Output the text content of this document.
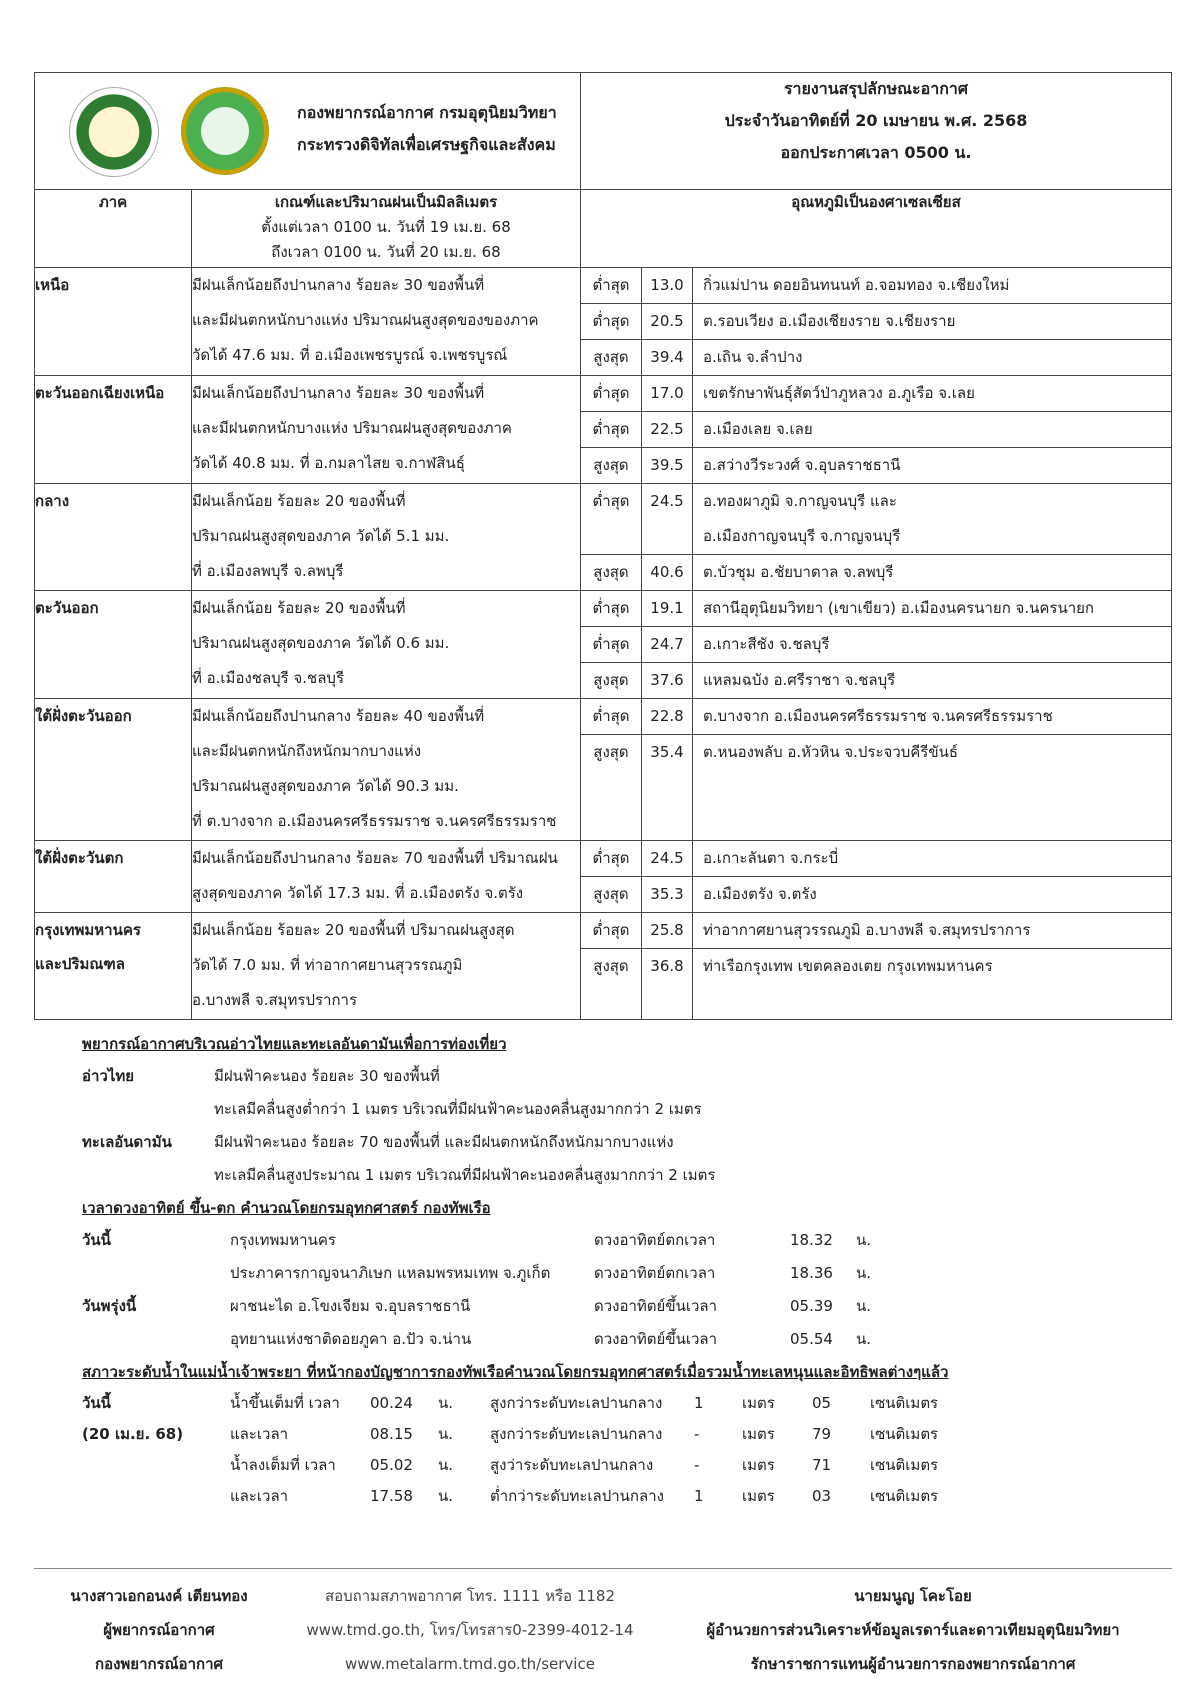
กองพยากรณ์อากาศ กรมอุตุนิยมวิทยา
กระทรวงดิจิทัลเพื่อเศรษฐกิจและสังคม

รายงานสรุปลักษณะอากาศ
ประจำวันอาทิตย์ที่ 20 เมษายน พ.ศ. 2568
ออกประกาศเวลา 0500 น.

ภาค	เกณฑ์และปริมาณฝนเป็นมิลลิเมตร
ตั้งแต่เวลา 0100 น. วันที่ 19 เม.ย. 68
ถึงเวลา 0100 น. วันที่ 20 เม.ย. 68
	อุณหภูมิเป็นองศาเซลเซียส

เหนือ	มีฝนเล็กน้อยถึงปานกลาง ร้อยละ 30 ของพื้นที่
และมีฝนตกหนักบางแห่ง ปริมาณฝนสูงสุดของของภาค
วัดได้ 47.6 มม. ที่ อ.เมืองเพชรบูรณ์ จ.เพชรบูรณ์

ต่ำสุด	13.0	กิ่วแม่ปาน ดอยอินทนนท์ อ.จอมทอง จ.เชียงใหม่

ต่ำสุด	20.5	ต.รอบเวียง อ.เมืองเชียงราย จ.เชียงราย

สูงสุด	39.4	อ.เถิน จ.ลำปาง

ตะวันออกเฉียงเหนือ	มีฝนเล็กน้อยถึงปานกลาง ร้อยละ 30 ของพื้นที่
และมีฝนตกหนักบางแห่ง ปริมาณฝนสูงสุดของภาค
วัดได้ 40.8 มม. ที่ อ.กมลาไสย จ.กาฬสินธุ์

ต่ำสุด	17.0	เขตรักษาพันธุ์สัตว์ป่าภูหลวง อ.ภูเรือ จ.เลย

ต่ำสุด	22.5	อ.เมืองเลย จ.เลย

สูงสุด	39.5	อ.สว่างวีระวงศ์ จ.อุบลราชธานี

กลาง	มีฝนเล็กน้อย ร้อยละ 20 ของพื้นที่
ปริมาณฝนสูงสุดของภาค วัดได้ 5.1 มม.
ที่ อ.เมืองลพบุรี จ.ลพบุรี

ต่ำสุด	24.5	อ.ทองผาภูมิ จ.กาญจนบุรี และ
อ.เมืองกาญจนบุรี จ.กาญจนบุรี

สูงสุด	40.6	ต.บัวชุม อ.ชัยบาดาล จ.ลพบุรี

ตะวันออก	มีฝนเล็กน้อย ร้อยละ 20 ของพื้นที่
ปริมาณฝนสูงสุดของภาค วัดได้ 0.6 มม.
ที่ อ.เมืองชลบุรี จ.ชลบุรี

ต่ำสุด	19.1	สถานีอุตุนิยมวิทยา (เขาเขียว) อ.เมืองนครนายก จ.นครนายก

ต่ำสุด	24.7	อ.เกาะสีชัง จ.ชลบุรี

สูงสุด	37.6	แหลมฉบัง อ.ศรีราชา จ.ชลบุรี

ใต้ฝั่งตะวันออก	มีฝนเล็กน้อยถึงปานกลาง ร้อยละ 40 ของพื้นที่
และมีฝนตกหนักถึงหนักมากบางแห่ง
ปริมาณฝนสูงสุดของภาค วัดได้ 90.3 มม.
ที่ ต.บางจาก อ.เมืองนครศรีธรรมราช จ.นครศรีธรรมราช

ต่ำสุด	22.8	ต.บางจาก อ.เมืองนครศรีธรรมราช จ.นครศรีธรรมราช

สูงสุด	35.4	ต.หนองพลับ อ.หัวหิน จ.ประจวบคีรีขันธ์

ใต้ฝั่งตะวันตก	มีฝนเล็กน้อยถึงปานกลาง ร้อยละ 70 ของพื้นที่ ปริมาณฝน
สูงสุดของภาค วัดได้ 17.3 มม. ที่ อ.เมืองตรัง จ.ตรัง

ต่ำสุด	24.5	อ.เกาะลันตา จ.กระบี่

สูงสุด	35.3	อ.เมืองตรัง จ.ตรัง

กรุงเทพมหานคร
และปริมณฑล

มีฝนเล็กน้อย ร้อยละ 20 ของพื้นที่ ปริมาณฝนสูงสุด
วัดได้ 7.0 มม. ที่ ท่าอากาศยานสุวรรณภูมิ
อ.บางพลี จ.สมุทรปราการ

ต่ำสุด	25.8	ท่าอากาศยานสุวรรณภูมิ อ.บางพลี จ.สมุทรปราการ

สูงสุด	36.8	ท่าเรือกรุงเทพ เขตคลองเตย กรุงเทพมหานคร
พยากรณ์อากาศบริเวณอ่าวไทยและทะเลอันดามันเพื่อการท่องเที่ยว
อ่าวไทย	มีฝนฟ้าคะนอง ร้อยละ 30 ของพื้นที่
ทะเลมีคลื่นสูงต่ำกว่า 1 เมตร บริเวณที่มีฝนฟ้าคะนองคลื่นสูงมากกว่า 2 เมตร
ทะเลอันดามัน	มีฝนฟ้าคะนอง ร้อยละ 70 ของพื้นที่ และมีฝนตกหนักถึงหนักมากบางแห่ง
ทะเลมีคลื่นสูงประมาณ 1 เมตร บริเวณที่มีฝนฟ้าคะนองคลื่นสูงมากกว่า 2 เมตร
เวลาดวงอาทิตย์ ขึ้น-ตก คำนวณโดยกรมอุทกศาสตร์ กองทัพเรือ
วันนี้	กรุงเทพมหานคร	ดวงอาทิตย์ตกเวลา	18.32 น.
ประภาคารกาญจนาภิเษก แหลมพรหมเทพ จ.ภูเก็ต	ดวงอาทิตย์ตกเวลา	18.36 น.
วันพรุ่งนี้	ผาชนะได อ.โขงเจียม จ.อุบลราชธานี	ดวงอาทิตย์ขึ้นเวลา	05.39 น.
อุทยานแห่งชาติดอยภูคา อ.ปัว จ.น่าน	ดวงอาทิตย์ขึ้นเวลา	05.54 น.
สภาวะระดับน้ำในแม่น้ำเจ้าพระยา ที่หน้ากองบัญชาการกองทัพเรือคำนวณโดยกรมอุทกศาสตร์เมื่อรวมน้ำทะเลหนุนและอิทธิพลต่างๆแล้ว
วันนี้	น้ำขึ้นเต็มที่ เวลา 00.24 น. สูงกว่าระดับทะเลปานกลาง 1	เมตร 05	เซนติเมตร
(20 เม.ย. 68)	และเวลา	08.15 น. สูงกว่าระดับทะเลปานกลาง -	เมตร 79	เซนติเมตร
น้ำลงเต็มที่ เวลา 05.02 น. สูงว่าระดับทะเลปานกลาง	-	เมตร 71	เซนติเมตร
และเวลา	17.58 น. ต่ำกว่าระดับทะเลปานกลาง 1	เมตร 03	เซนติเมตร
นางสาวเอกอนงค์ เตียนทอง
ผู้พยากรณ์อากาศ
กองพยากรณ์อากาศ
สอบถามสภาพอากาศ โทร. 1111 หรือ 1182
www.tmd.go.th, โทร/โทรสาร0-2399-4012-14
www.metalarm.tmd.go.th/service
นายมนูญ โคะโอย
ผู้อำนวยการส่วนวิเคราะห์ข้อมูลเรดาร์และดาวเทียมอุตุนิยมวิทยา
รักษาราชการแทนผู้อำนวยการกองพยากรณ์อากาศ
